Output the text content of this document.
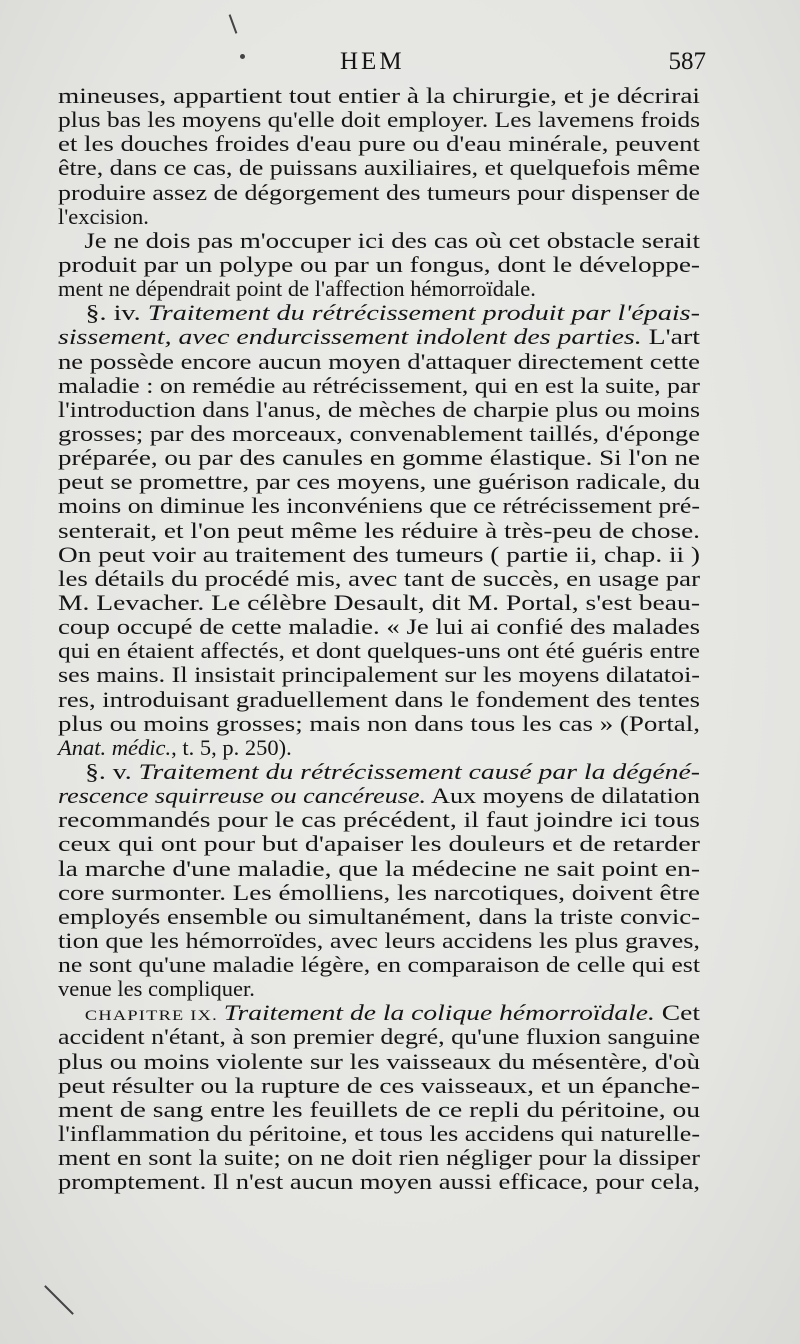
HEM	587
mineuses, appartient tout entier à la chirurgie, et je décrirai
plus bas les moyens qu'elle doit employer. Les lavemens froids
et les douches froides d'eau pure ou d'eau minérale, peuvent
être, dans ce cas, de puissans auxiliaires, et quelquefois même
produire assez de dégorgement des tumeurs pour dispenser de
l'excision.
Je ne dois pas m'occuper ici des cas où cet obstacle serait
produit par un polype ou par un fongus, dont le développe-
ment ne dépendrait point de l'affection hémorroïdale.
§. iv. Traitement du rétrécissement produit par l'épais-
sissement, avec endurcissement indolent des parties. L'art
ne possède encore aucun moyen d'attaquer directement cette
maladie : on remédie au rétrécissement, qui en est la suite, par
l'introduction dans l'anus, de mèches de charpie plus ou moins
grosses; par des morceaux, convenablement taillés, d'éponge
préparée, ou par des canules en gomme élastique. Si l'on ne
peut se promettre, par ces moyens, une guérison radicale, du
moins on diminue les inconvéniens que ce rétrécissement pré-
senterait, et l'on peut même les réduire à très-peu de chose.
On peut voir au traitement des tumeurs ( partie ii, chap. ii )
les détails du procédé mis, avec tant de succès, en usage par
M. Levacher. Le célèbre Desault, dit M. Portal, s'est beau-
coup occupé de cette maladie. « Je lui ai confié des malades
qui en étaient affectés, et dont quelques-uns ont été guéris entre
ses mains. Il insistait principalement sur les moyens dilatatoi-
res, introduisant graduellement dans le fondement des tentes
plus ou moins grosses; mais non dans tous les cas » (Portal,
Anat. médic., t. 5, p. 250).
§. v. Traitement du rétrécissement causé par la dégéné-
rescence squirreuse ou cancéreuse. Aux moyens de dilatation
recommandés pour le cas précédent, il faut joindre ici tous
ceux qui ont pour but d'apaiser les douleurs et de retarder
la marche d'une maladie, que la médecine ne sait point en-
core surmonter. Les émolliens, les narcotiques, doivent être
employés ensemble ou simultanément, dans la triste convic-
tion que les hémorroïdes, avec leurs accidens les plus graves,
ne sont qu'une maladie légère, en comparaison de celle qui est
venue les compliquer.
CHAPITRE IX. Traitement de la colique hémorroïdale. Cet
accident n'étant, à son premier degré, qu'une fluxion sanguine
plus ou moins violente sur les vaisseaux du mésentère, d'où
peut résulter ou la rupture de ces vaisseaux, et un épanche-
ment de sang entre les feuillets de ce repli du péritoine, ou
l'inflammation du péritoine, et tous les accidens qui naturelle-
ment en sont la suite; on ne doit rien négliger pour la dissiper
promptement. Il n'est aucun moyen aussi efficace, pour cela,
